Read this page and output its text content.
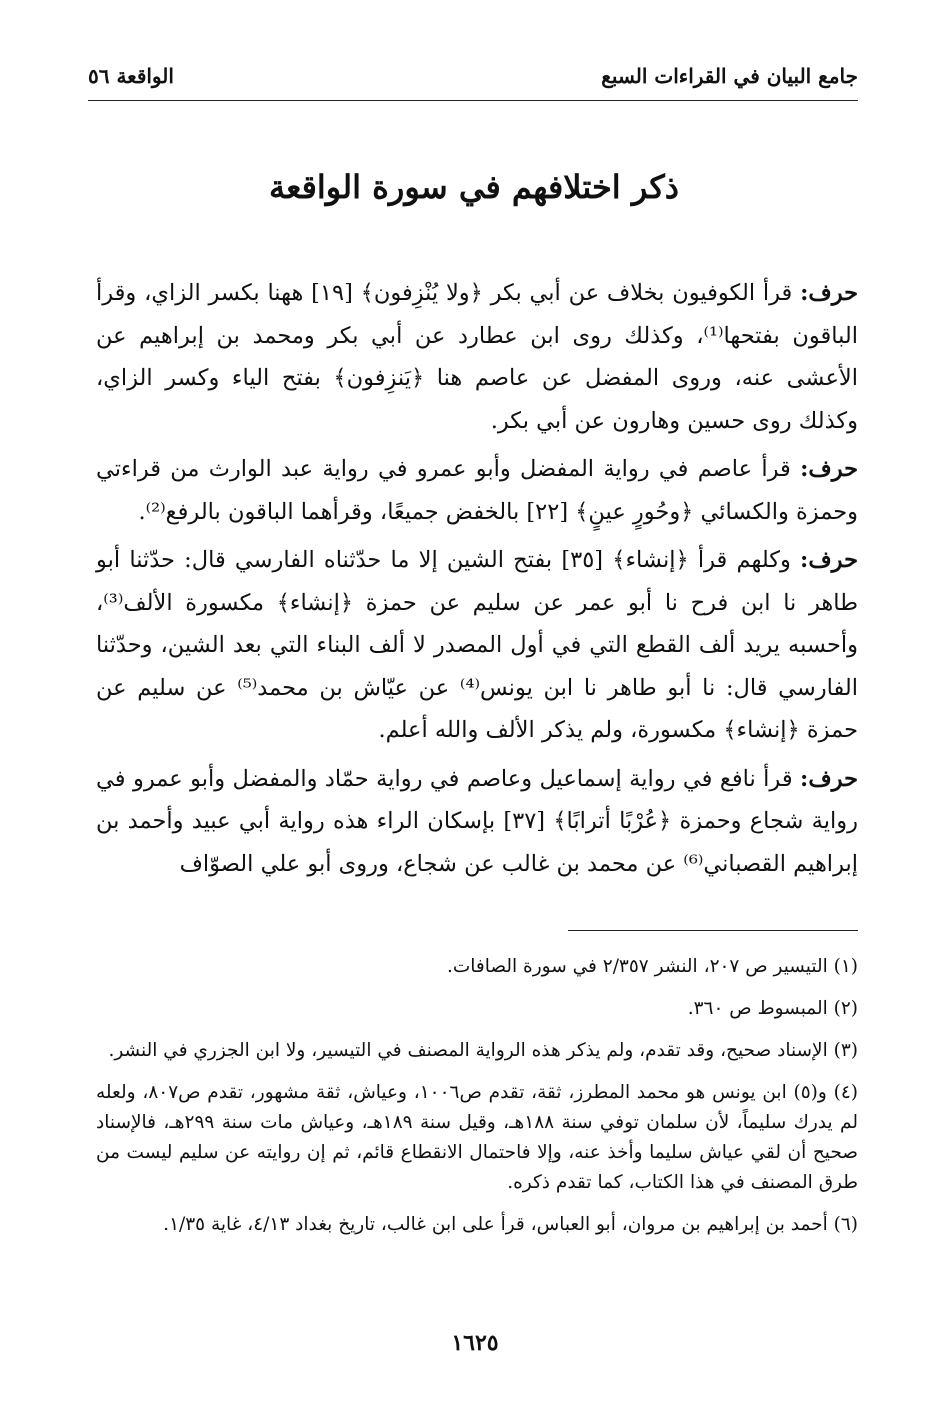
جامع البيان في القراءات السبع
الواقعة ٥٦
ذكر اختلافهم في سورة الواقعة

حرف: قرأ الكوفيون بخلاف عن أبي بكر ﴿ولا يُنْزِفون﴾ [١٩] ههنا بكسر الزاي، وقرأ الباقون بفتحها⁽¹⁾، وكذلك روى ابن عطارد عن أبي بكر ومحمد بن إبراهيم عن الأعشى عنه، وروى المفضل عن عاصم هنا ﴿يَنزِفون﴾ بفتح الياء وكسر الزاي، وكذلك روى حسين وهارون عن أبي بكر.

حرف: قرأ عاصم في رواية المفضل وأبو عمرو في رواية عبد الوارث من قراءتي وحمزة والكسائي ﴿وحُورٍ عينٍ﴾ [٢٢] بالخفض جميعًا، وقرأهما الباقون بالرفع⁽²⁾.

حرف: وكلهم قرأ ﴿إنشاء﴾ [٣٥] بفتح الشين إلا ما حدّثناه الفارسي قال: حدّثنا أبو طاهر نا ابن فرح نا أبو عمر عن سليم عن حمزة ﴿إنشاء﴾ مكسورة الألف⁽³⁾، وأحسبه يريد ألف القطع التي في أول المصدر لا ألف البناء التي بعد الشين، وحدّثنا الفارسي قال: نا أبو طاهر نا ابن يونس⁽⁴⁾ عن عيّاش بن محمد⁽⁵⁾ عن سليم عن حمزة ﴿إنشاء﴾ مكسورة، ولم يذكر الألف والله أعلم.

حرف: قرأ نافع في رواية إسماعيل وعاصم في رواية حمّاد والمفضل وأبو عمرو في رواية شجاع وحمزة ﴿عُرْبًا أترابًا﴾ [٣٧] بإسكان الراء هذه رواية أبي عبيد وأحمد بن إبراهيم القصباني⁽⁶⁾ عن محمد بن غالب عن شجاع، وروى أبو علي الصوّاف

(١) التيسير ص ٢٠٧، النشر ٢/٣٥٧ في سورة الصافات.

(٢) المبسوط ص ٣٦٠.

(٣) الإسناد صحيح، وقد تقدم، ولم يذكر هذه الرواية المصنف في التيسير، ولا ابن الجزري في النشر.

(٤) و(٥) ابن يونس هو محمد المطرز، ثقة، تقدم ص١٠٠٦، وعياش، ثقة مشهور، تقدم ص٨٠٧، ولعله لم يدرك سليماً، لأن سلمان توفي سنة ١٨٨هـ، وقيل سنة ١٨٩هـ، وعياش مات سنة ٢٩٩هـ، فالإسناد صحيح أن لقي عياش سليما وأخذ عنه، وإلا فاحتمال الانقطاع قائم، ثم إن روايته عن سليم ليست من طرق المصنف في هذا الكتاب، كما تقدم ذكره.

(٦) أحمد بن إبراهيم بن مروان، أبو العباس، قرأ على ابن غالب، تاريخ بغداد ٤/١٣، غاية ١/٣٥.

١٦٢٥
